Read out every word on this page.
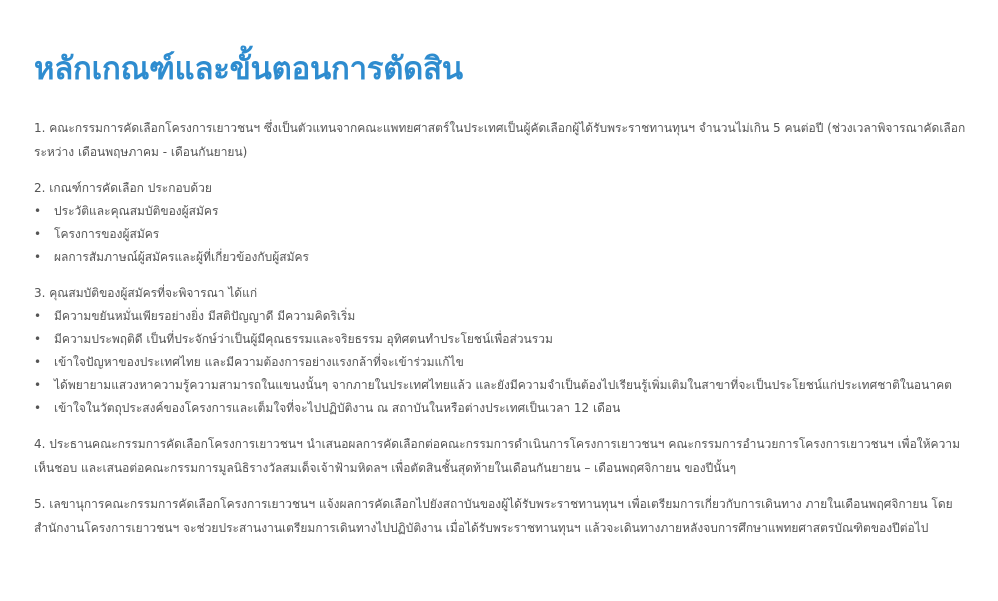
หลักเกณฑ์และขั้นตอนการตัดสิน

1. คณะกรรมการคัดเลือกโครงการเยาวชนฯ ซึ่งเป็นตัวแทนจากคณะแพทยศาสตร์ในประเทศเป็นผู้คัดเลือกผู้ได้รับพระราชทานทุนฯ จำนวนไม่เกิน 5 คนต่อปี (ช่วงเวลาพิจารณาคัดเลือกระหว่าง เดือนพฤษภาคม - เดือนกันยายน)

2. เกณฑ์การคัดเลือก ประกอบด้วย

• ประวัติและคุณสมบัติของผู้สมัคร
• โครงการของผู้สมัคร
• ผลการสัมภาษณ์ผู้สมัครและผู้ที่เกี่ยวข้องกับผู้สมัคร

3. คุณสมบัติของผู้สมัครที่จะพิจารณา ได้แก่

• มีความขยันหมั่นเพียรอย่างยิ่ง มีสติปัญญาดี มีความคิดริเริ่ม
• มีความประพฤติดี เป็นที่ประจักษ์ว่าเป็นผู้มีคุณธรรมและจริยธรรม อุทิศตนทำประโยชน์เพื่อส่วนรวม
• เข้าใจปัญหาของประเทศไทย และมีความต้องการอย่างแรงกล้าที่จะเข้าร่วมแก้ไข
• ได้พยายามแสวงหาความรู้ความสามารถในแขนงนั้นๆ จากภายในประเทศไทยแล้ว และยังมีความจำเป็นต้องไปเรียนรู้เพิ่มเติมในสาขาที่จะเป็นประโยชน์แก่ประเทศชาติในอนาคต
• เข้าใจในวัตถุประสงค์ของโครงการและเต็มใจที่จะไปปฏิบัติงาน ณ สถาบันในหรือต่างประเทศเป็นเวลา 12 เดือน

4. ประธานคณะกรรมการคัดเลือกโครงการเยาวชนฯ นำเสนอผลการคัดเลือกต่อคณะกรรมการดำเนินการโครงการเยาวชนฯ คณะกรรมการอำนวยการโครงการเยาวชนฯ เพื่อให้ความเห็นชอบ และเสนอต่อคณะกรรมการมูลนิธิรางวัลสมเด็จเจ้าฟ้ามหิดลฯ เพื่อตัดสินชั้นสุดท้ายในเดือนกันยายน – เดือนพฤศจิกายน ของปีนั้นๆ

5. เลขานุการคณะกรรมการคัดเลือกโครงการเยาวชนฯ แจ้งผลการคัดเลือกไปยังสถาบันของผู้ได้รับพระราชทานทุนฯ เพื่อเตรียมการเกี่ยวกับการเดินทาง ภายในเดือนพฤศจิกายน โดยสำนักงานโครงการเยาวชนฯ จะช่วยประสานงานเตรียมการเดินทางไปปฏิบัติงาน เมื่อได้รับพระราชทานทุนฯ แล้วจะเดินทางภายหลังจบการศึกษาแพทยศาสตรบัณฑิตของปีต่อไป
